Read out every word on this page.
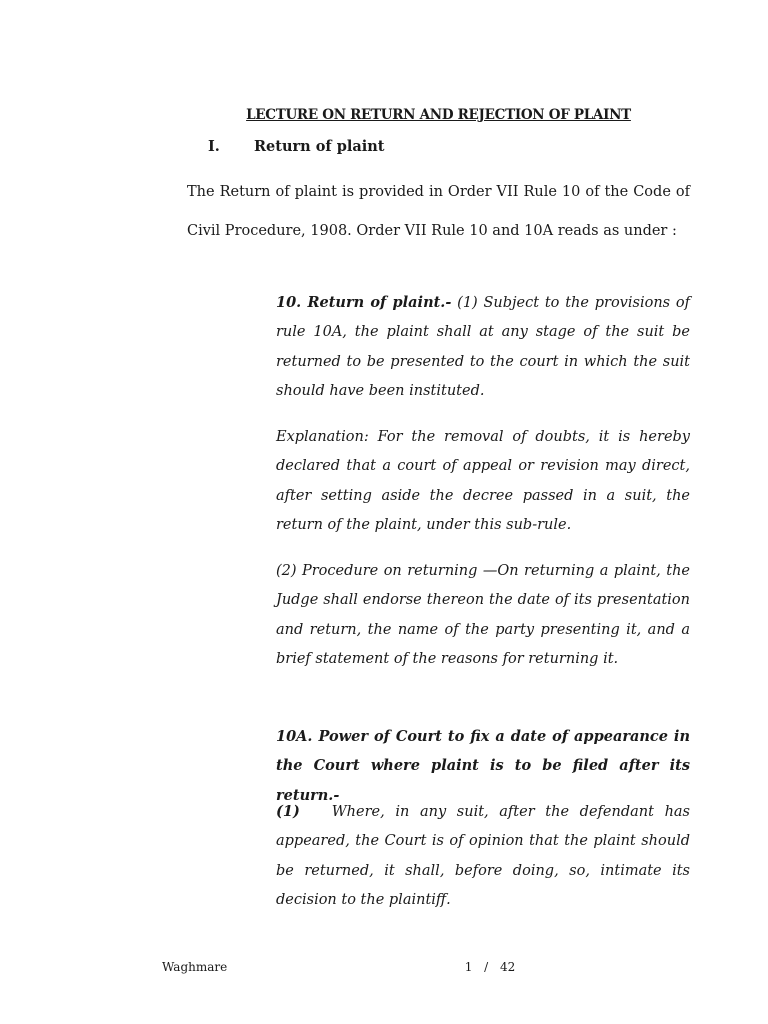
LECTURE ON RETURN AND REJECTION OF PLAINT
I. Return of plaint
The Return of plaint is provided in Order VII Rule 10 of the Code of Civil Procedure, 1908. Order VII Rule 10 and 10A reads as under :
10. Return of plaint.- (1) Subject to the provisions of rule 10A, the plaint shall at any stage of the suit be returned to be presented to the court in which the suit should have been instituted.
Explanation: For the removal of doubts, it is hereby declared that a court of appeal or revision may direct, after setting aside the decree passed in a suit, the return of the plaint, under this sub-rule.
(2) Procedure on returning —On returning a plaint, the Judge shall endorse thereon the date of its presentation and return, the name of the party presenting it, and a brief statement of the reasons for returning it.
10A. Power of Court to fix a date of appearance in the Court where plaint is to be filed after its return.-
(1)   Where, in any suit, after the defendant has appeared, the Court is of opinion that the plaint should be returned, it shall, before doing, so, intimate its decision to the plaintiff.
Waghmare	1 / 42
